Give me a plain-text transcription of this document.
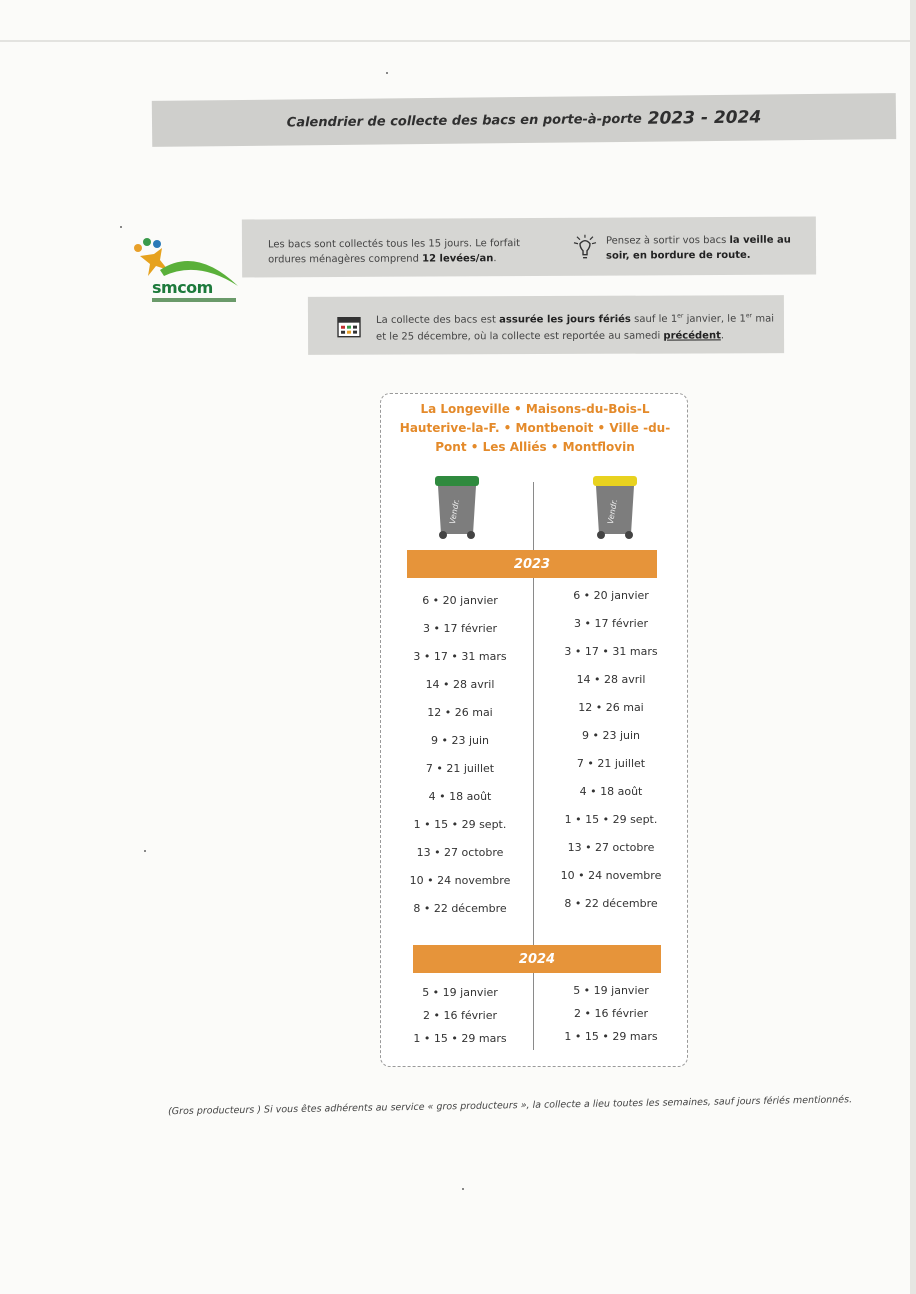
Calendrier de collecte des bacs en porte-à-porte 2023 - 2024
smcom
Les bacs sont collectés tous les 15 jours. Le forfait ordures ménagères comprend 12 levées/an.
Pensez à sortir vos bacs la veille au soir, en bordure de route.
La collecte des bacs est assurée les jours fériés sauf le 1er janvier, le 1er mai et le 25 décembre, où la collecte est reportée au samedi précédent.
La Longeville • Maisons-du-Bois-L Hauterive-la-F. • Montbenoit • Ville -du-Pont • Les Alliés • Montflovin
Vendr.	Vendr.
2023
6 • 20 janvier
3 • 17 février
3 • 17 • 31 mars
14 • 28 avril
12 • 26 mai
9 • 23 juin
7 • 21 juillet
4 • 18 août
1 • 15 • 29 sept.
13 • 27 octobre
10 • 24 novembre
8 • 22 décembre
6 • 20 janvier
3 • 17 février
3 • 17 • 31 mars
14 • 28 avril
12 • 26 mai
9 • 23 juin
7 • 21 juillet
4 • 18 août
1 • 15 • 29 sept.
13 • 27 octobre
10 • 24 novembre
8 • 22 décembre
2024
5 • 19 janvier
2 • 16 février
1 • 15 • 29 mars
5 • 19 janvier
2 • 16 février
1 • 15 • 29 mars
(Gros producteurs ) Si vous êtes adhérents au service « gros producteurs », la collecte a lieu toutes les semaines, sauf jours fériés mentionnés.
